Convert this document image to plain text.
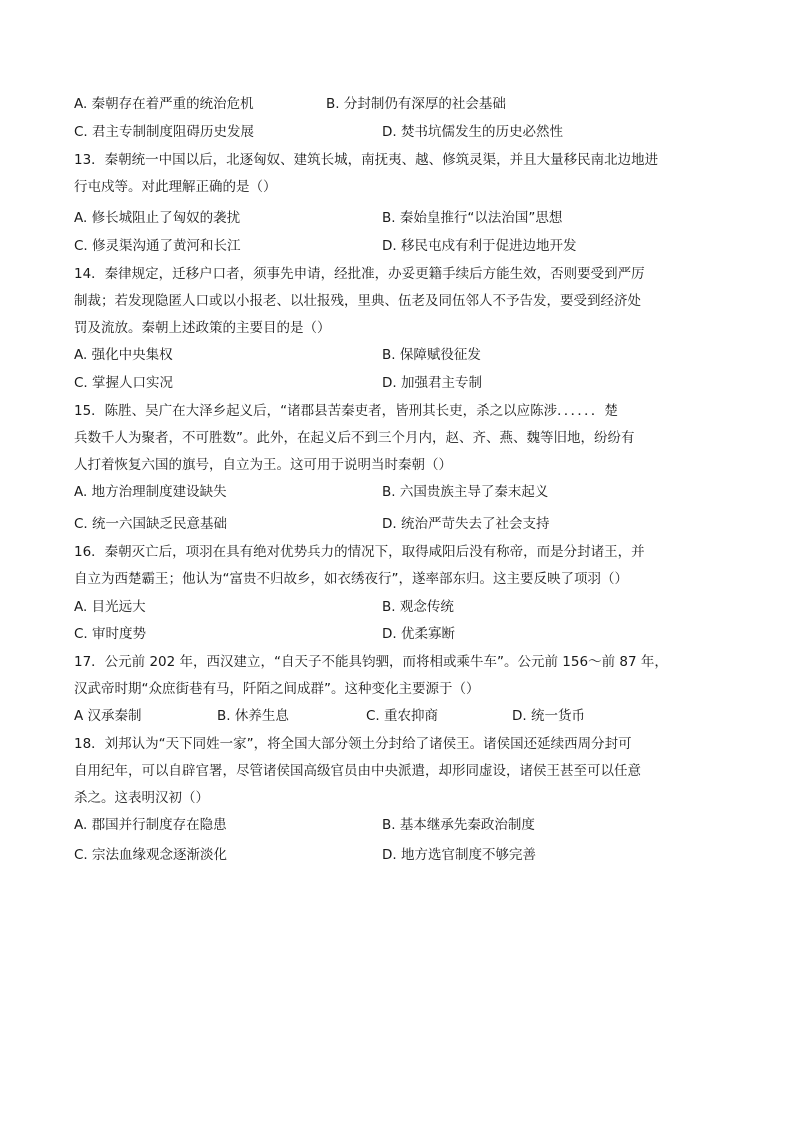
A. 秦朝存在着严重的统治危机	B. 分封制仍有深厚的社会基础
C. 君主专制制度阻碍历史发展	D. 焚书坑儒发生的历史必然性
13．秦朝统一中国以后，北逐匈奴、建筑长城，南抚夷、越、修筑灵渠，并且大量移民南北边地进
行屯戍等。对此理解正确的是（）
A. 修长城阻止了匈奴的袭扰	B. 秦始皇推行“以法治国”思想
C. 修灵渠沟通了黄河和长江	D. 移民屯戍有利于促进边地开发
14．秦律规定，迁移户口者，须事先申请，经批准，办妥更籍手续后方能生效，否则要受到严厉
制裁；若发现隐匿人口或以小报老、以壮报残，里典、伍老及同伍邻人不予告发，要受到经济处
罚及流放。秦朝上述政策的主要目的是（）
A. 强化中央集权	B. 保障赋役征发
C. 掌握人口实况	D. 加强君主专制
15．陈胜、吴广在大泽乡起义后，“诸郡县苦秦吏者，皆刑其长吏，杀之以应陈涉．．．．．．楚
兵数千人为聚者，不可胜数”。此外，在起义后不到三个月内，赵、齐、燕、魏等旧地，纷纷有
人打着恢复六国的旗号，自立为王。这可用于说明当时秦朝（）
A. 地方治理制度建设缺失	B. 六国贵族主导了秦末起义
C. 统一六国缺乏民意基础	D. 统治严苛失去了社会支持
16．秦朝灭亡后，项羽在具有绝对优势兵力的情况下，取得咸阳后没有称帝，而是分封诸王，并
自立为西楚霸王；他认为“富贵不归故乡，如衣绣夜行”，遂率部东归。这主要反映了项羽（）
A. 目光远大	B. 观念传统
C. 审时度势	D. 优柔寡断
17．公元前 202 年，西汉建立，“自天子不能具钧驷，而将相或乘牛车”。公元前 156～前 87 年，
汉武帝时期“众庶街巷有马，阡陌之间成群”。这种变化主要源于（）
A 汉承秦制	B. 休养生息	C. 重农抑商	D. 统一货币
18．刘邦认为“天下同姓一家”，将全国大部分领土分封给了诸侯王。诸侯国还延续西周分封可
自用纪年，可以自辟官署，尽管诸侯国高级官员由中央派遣，却形同虚设，诸侯王甚至可以任意
杀之。这表明汉初（）
A. 郡国并行制度存在隐患	B. 基本继承先秦政治制度
C. 宗法血缘观念逐渐淡化	D. 地方选官制度不够完善
